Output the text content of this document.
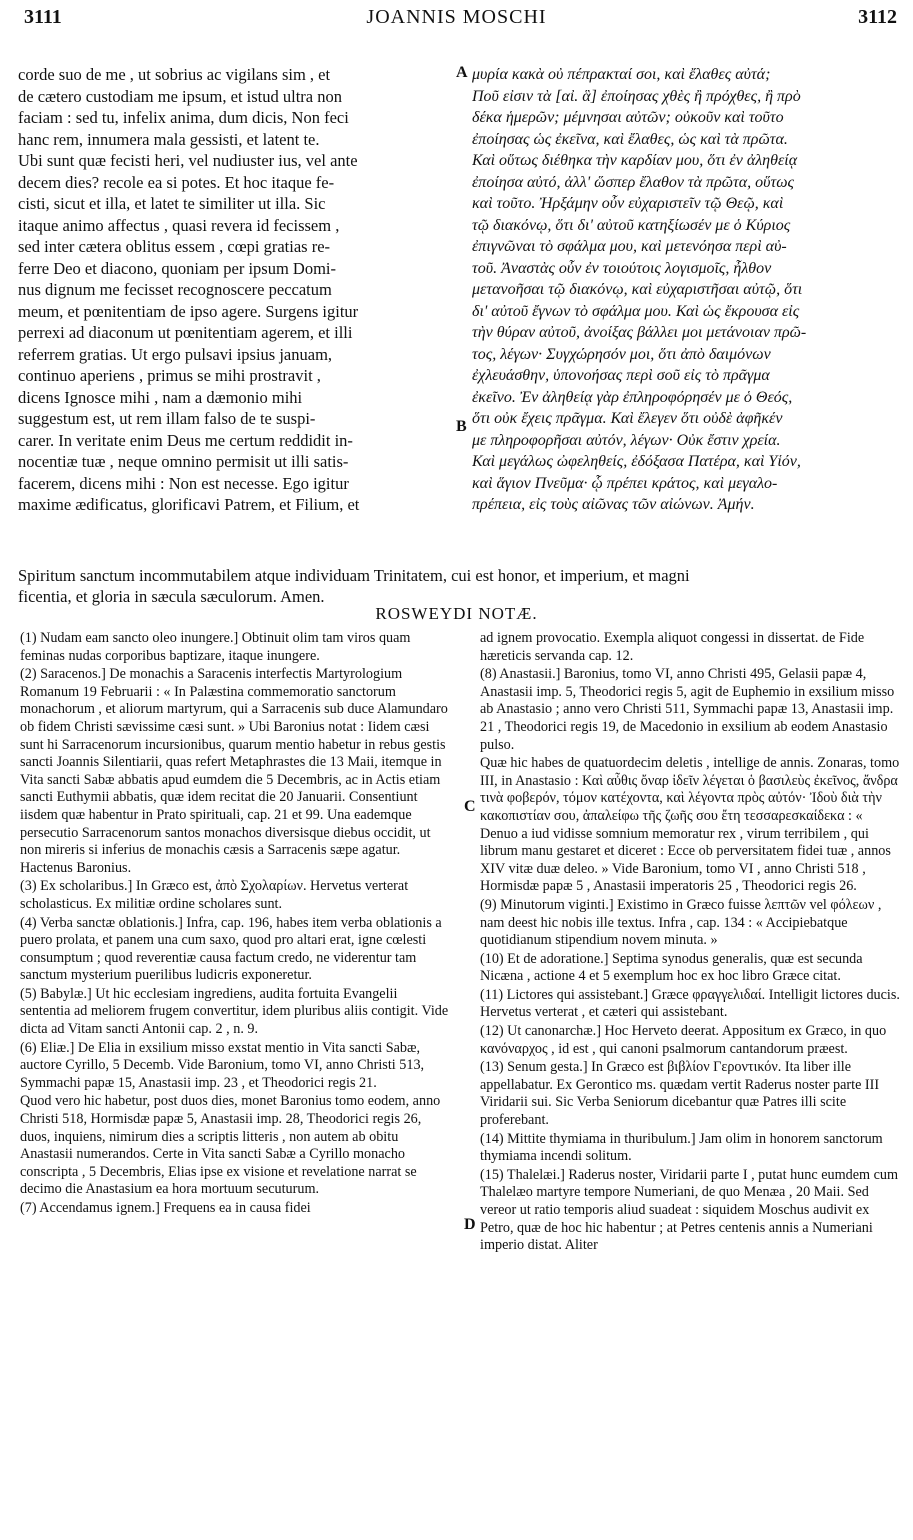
3111	JOANNIS MOSCHI	3112
A
B
C
D
corde suo de me , ut sobrius ac vigilans sim , et
de cætero custodiam me ipsum, et istud ultra non
faciam : sed tu, infelix anima, dum dicis, Non feci
hanc rem, innumera mala gessisti, et latent te.
Ubi sunt quæ fecisti heri, vel nudiuster ius, vel ante
decem dies? recole ea si potes. Et hoc itaque fe-
cisti, sicut et illa, et latet te similiter ut illa. Sic
itaque animo affectus , quasi revera id fecissem ,
sed inter cætera oblitus essem , cœpi gratias re-
ferre Deo et diacono, quoniam per ipsum Domi-
nus dignum me fecisset recognoscere peccatum
meum, et pœnitentiam de ipso agere. Surgens igitur
perrexi ad diaconum ut pœnitentiam agerem, et illi
referrem gratias. Ut ergo pulsavi ipsius januam,
continuo aperiens , primus se mihi prostravit ,
dicens Ignosce mihi , nam a dæmonio mihi
suggestum est, ut rem illam falso de te suspi-
carer. In veritate enim Deus me certum reddidit in-
nocentiæ tuæ , neque omnino permisit ut illi satis-
facerem, dicens mihi : Non est necesse. Ego igitur
maxime ædificatus, glorificavi Patrem, et Filium, et
μυρία κακὰ οὐ πέπρακταί σοι, καὶ ἔλαθες αὐτά;
Ποῦ εἰσιν τὰ [αἰ. ἃ] ἐποίησας χθὲς ἢ πρόχθες, ἢ πρὸ
δέκα ἡμερῶν; μέμνησαι αὐτῶν; οὐκοῦν καὶ τοῦτο
ἐποίησας ὡς ἐκεῖνα, καὶ ἔλαθες, ὡς καὶ τὰ πρῶτα.
Καὶ οὕτως διέθηκα τὴν καρδίαν μου, ὅτι ἐν ἀληθείᾳ
ἐποίησα αὐτό, ἀλλ' ὥσπερ ἔλαθον τὰ πρῶτα, οὕτως
καὶ τοῦτο. Ἠρξάμην οὖν εὐχαριστεῖν τῷ Θεῷ, καὶ
τῷ διακόνῳ, ὅτι δι' αὐτοῦ κατηξίωσέν με ὁ Κύριος
ἐπιγνῶναι τὸ σφάλμα μου, καὶ μετενόησα περὶ αὐ-
τοῦ. Ἀναστὰς οὖν ἐν τοιούτοις λογισμοῖς, ἦλθον
μετανοῆσαι τῷ διακόνῳ, καὶ εὐχαριστῆσαι αὐτῷ, ὅτι
δι' αὐτοῦ ἔγνων τὸ σφάλμα μου. Καὶ ὡς ἔκρουσα εἰς
τὴν θύραν αὐτοῦ, ἀνοίξας βάλλει μοι μετάνοιαν πρῶ-
τος, λέγων· Συγχώρησόν μοι, ὅτι ἀπὸ δαιμόνων
ἐχλευάσθην, ὑπονοήσας περὶ σοῦ εἰς τὸ πρᾶγμα
ἐκεῖνο. Ἐν ἀληθείᾳ γὰρ ἐπληροφόρησέν με ὁ Θεός,
ὅτι οὐκ ἔχεις πρᾶγμα. Καὶ ἔλεγεν ὅτι οὐδὲ ἀφῆκέν
με πληροφορῆσαι αὐτόν, λέγων· Οὐκ ἔστιν χρεία.
Καὶ μεγάλως ὠφεληθείς, ἐδόξασα Πατέρα, καὶ Υἱόν,
καὶ ἅγιον Πνεῦμα· ᾧ πρέπει κράτος, καὶ μεγαλο-
πρέπεια, εἰς τοὺς αἰῶνας τῶν αἰώνων. Ἀμήν.
Spiritum sanctum incommutabilem atque individuam Trinitatem, cui est honor, et imperium, et magni
ficentia, et gloria in sæcula sæculorum. Amen.
ROSWEYDI NOTÆ.

(1) Nudam eam sancto oleo inungere.] Obtinuit olim tam viros quam feminas nudas corporibus baptizare, itaque inungere.

(2) Saracenos.] De monachis a Saracenis interfectis Martyrologium Romanum 19 Februarii : « In Palæstina commemoratio sanctorum monachorum , et aliorum martyrum, qui a Sarracenis sub duce Alamundaro ob fidem Christi sævissime cæsi sunt. » Ubi Baronius notat : Iidem cæsi sunt hi Sarracenorum incursionibus, quarum mentio habetur in rebus gestis sancti Joannis Silentiarii, quas refert Metaphrastes die 13 Maii, itemque in Vita sancti Sabæ abbatis apud eumdem die 5 Decembris, ac in Actis etiam sancti Euthymii abbatis, quæ idem recitat die 20 Januarii. Consentiunt iisdem quæ habentur in Prato spirituali, cap. 21 et 99. Una eademque persecutio Sarracenorum santos monachos diversisque diebus occidit, ut non mireris si inferius de monachis cæsis a Sarracenis sæpe agatur. Hactenus Baronius.

(3) Ex scholaribus.] In Græco est, ἀπὸ Σχολαρίων. Hervetus verterat scholasticus. Ex militiæ ordine scholares sunt.

(4) Verba sanctæ oblationis.] Infra, cap. 196, habes item verba oblationis a puero prolata, et panem una cum saxo, quod pro altari erat, igne cœlesti consumptum ; quod reverentiæ causa factum credo, ne viderentur tam sanctum mysterium puerilibus ludicris exponeretur.

(5) Babylæ.] Ut hic ecclesiam ingrediens, audita fortuita Evangelii sententia ad meliorem frugem convertitur, idem pluribus aliis contigit. Vide dicta ad Vitam sancti Antonii cap. 2 , n. 9.

(6) Eliæ.] De Elia in exsilium misso exstat mentio in Vita sancti Sabæ, auctore Cyrillo, 5 Decemb. Vide Baronium, tomo VI, anno Christi 513, Symmachi papæ 15, Anastasii imp. 23 , et Theodorici regis 21.

Quod vero hic habetur, post duos dies, monet Baronius tomo eodem, anno Christi 518, Hormisdæ papæ 5, Anastasii imp. 28, Theodorici regis 26, duos, inquiens, nimirum dies a scriptis litteris , non autem ab obitu Anastasii numerandos. Certe in Vita sancti Sabæ a Cyrillo monacho conscripta , 5 Decembris, Elias ipse ex visione et revelatione narrat se decimo die Anastasium ea hora mortuum secuturum.

(7) Accendamus ignem.] Frequens ea in causa fidei

ad ignem provocatio. Exempla aliquot congessi in dissertat. de Fide hæreticis servanda cap. 12.

(8) Anastasii.] Baronius, tomo VI, anno Christi 495, Gelasii papæ 4, Anastasii imp. 5, Theodorici regis 5, agit de Euphemio in exsilium misso ab Anastasio ; anno vero Christi 511, Symmachi papæ 13, Anastasii imp. 21 , Theodorici regis 19, de Macedonio in exsilium ab eodem Anastasio pulso.

Quæ hic habes de quatuordecim deletis , intellige de annis. Zonaras, tomo III, in Anastasio : Καὶ αὖθις ὄναρ ἰδεῖν λέγεται ὁ βασιλεὺς ἐκεῖνος, ἄνδρα τινὰ φοβερόν, τόμον κατέχοντα, καὶ λέγοντα πρὸς αὐτόν· Ἰδοὺ διὰ τὴν κακοπιστίαν σου, ἀπαλείφω τῆς ζωῆς σου ἔτη τεσσαρεσκαίδεκα : « Denuo a iud vidisse somnium memoratur rex , virum terribilem , qui librum manu gestaret et diceret : Ecce ob perversitatem fidei tuæ , annos XIV vitæ duæ deleo. » Vide Baronium, tomo VI , anno Christi 518 , Hormisdæ papæ 5 , Anastasii imperatoris 25 , Theodorici regis 26.

(9) Minutorum viginti.] Existimo in Græco fuisse λεπτῶν vel φόλεων , nam deest hic nobis ille textus. Infra , cap. 134 : « Accipiebatque quotidianum stipendium novem minuta. »

(10) Et de adoratione.] Septima synodus generalis, quæ est secunda Nicæna , actione 4 et 5 exemplum hoc ex hoc libro Græce citat.

(11) Lictores qui assistebant.] Græce φραγγελιδαί. Intelligit lictores ducis. Hervetus verterat , et cæteri qui assistebant.

(12) Ut canonarchæ.] Hoc Herveto deerat. Appositum ex Græco, in quo κανόναρχος , id est , qui canoni psalmorum cantandorum præest.

(13) Senum gesta.] In Græco est βιβλίον Γεροντικόν. Ita liber ille appellabatur. Ex Gerontico ms. quædam vertit Raderus noster parte III Viridarii sui. Sic Verba Seniorum dicebantur quæ Patres illi scite proferebant.

(14) Mittite thymiama in thuribulum.] Jam olim in honorem sanctorum thymiama incendi solitum.

(15) Thalelæi.] Raderus noster, Viridarii parte I , putat hunc eumdem cum Thalelæo martyre tempore Numeriani, de quo Menæa , 20 Maii. Sed vereor ut ratio temporis aliud suadeat : siquidem Moschus audivit ex Petro, quæ de hoc hic habentur ; at Petres centenis annis a Numeriani imperio distat. Aliter
